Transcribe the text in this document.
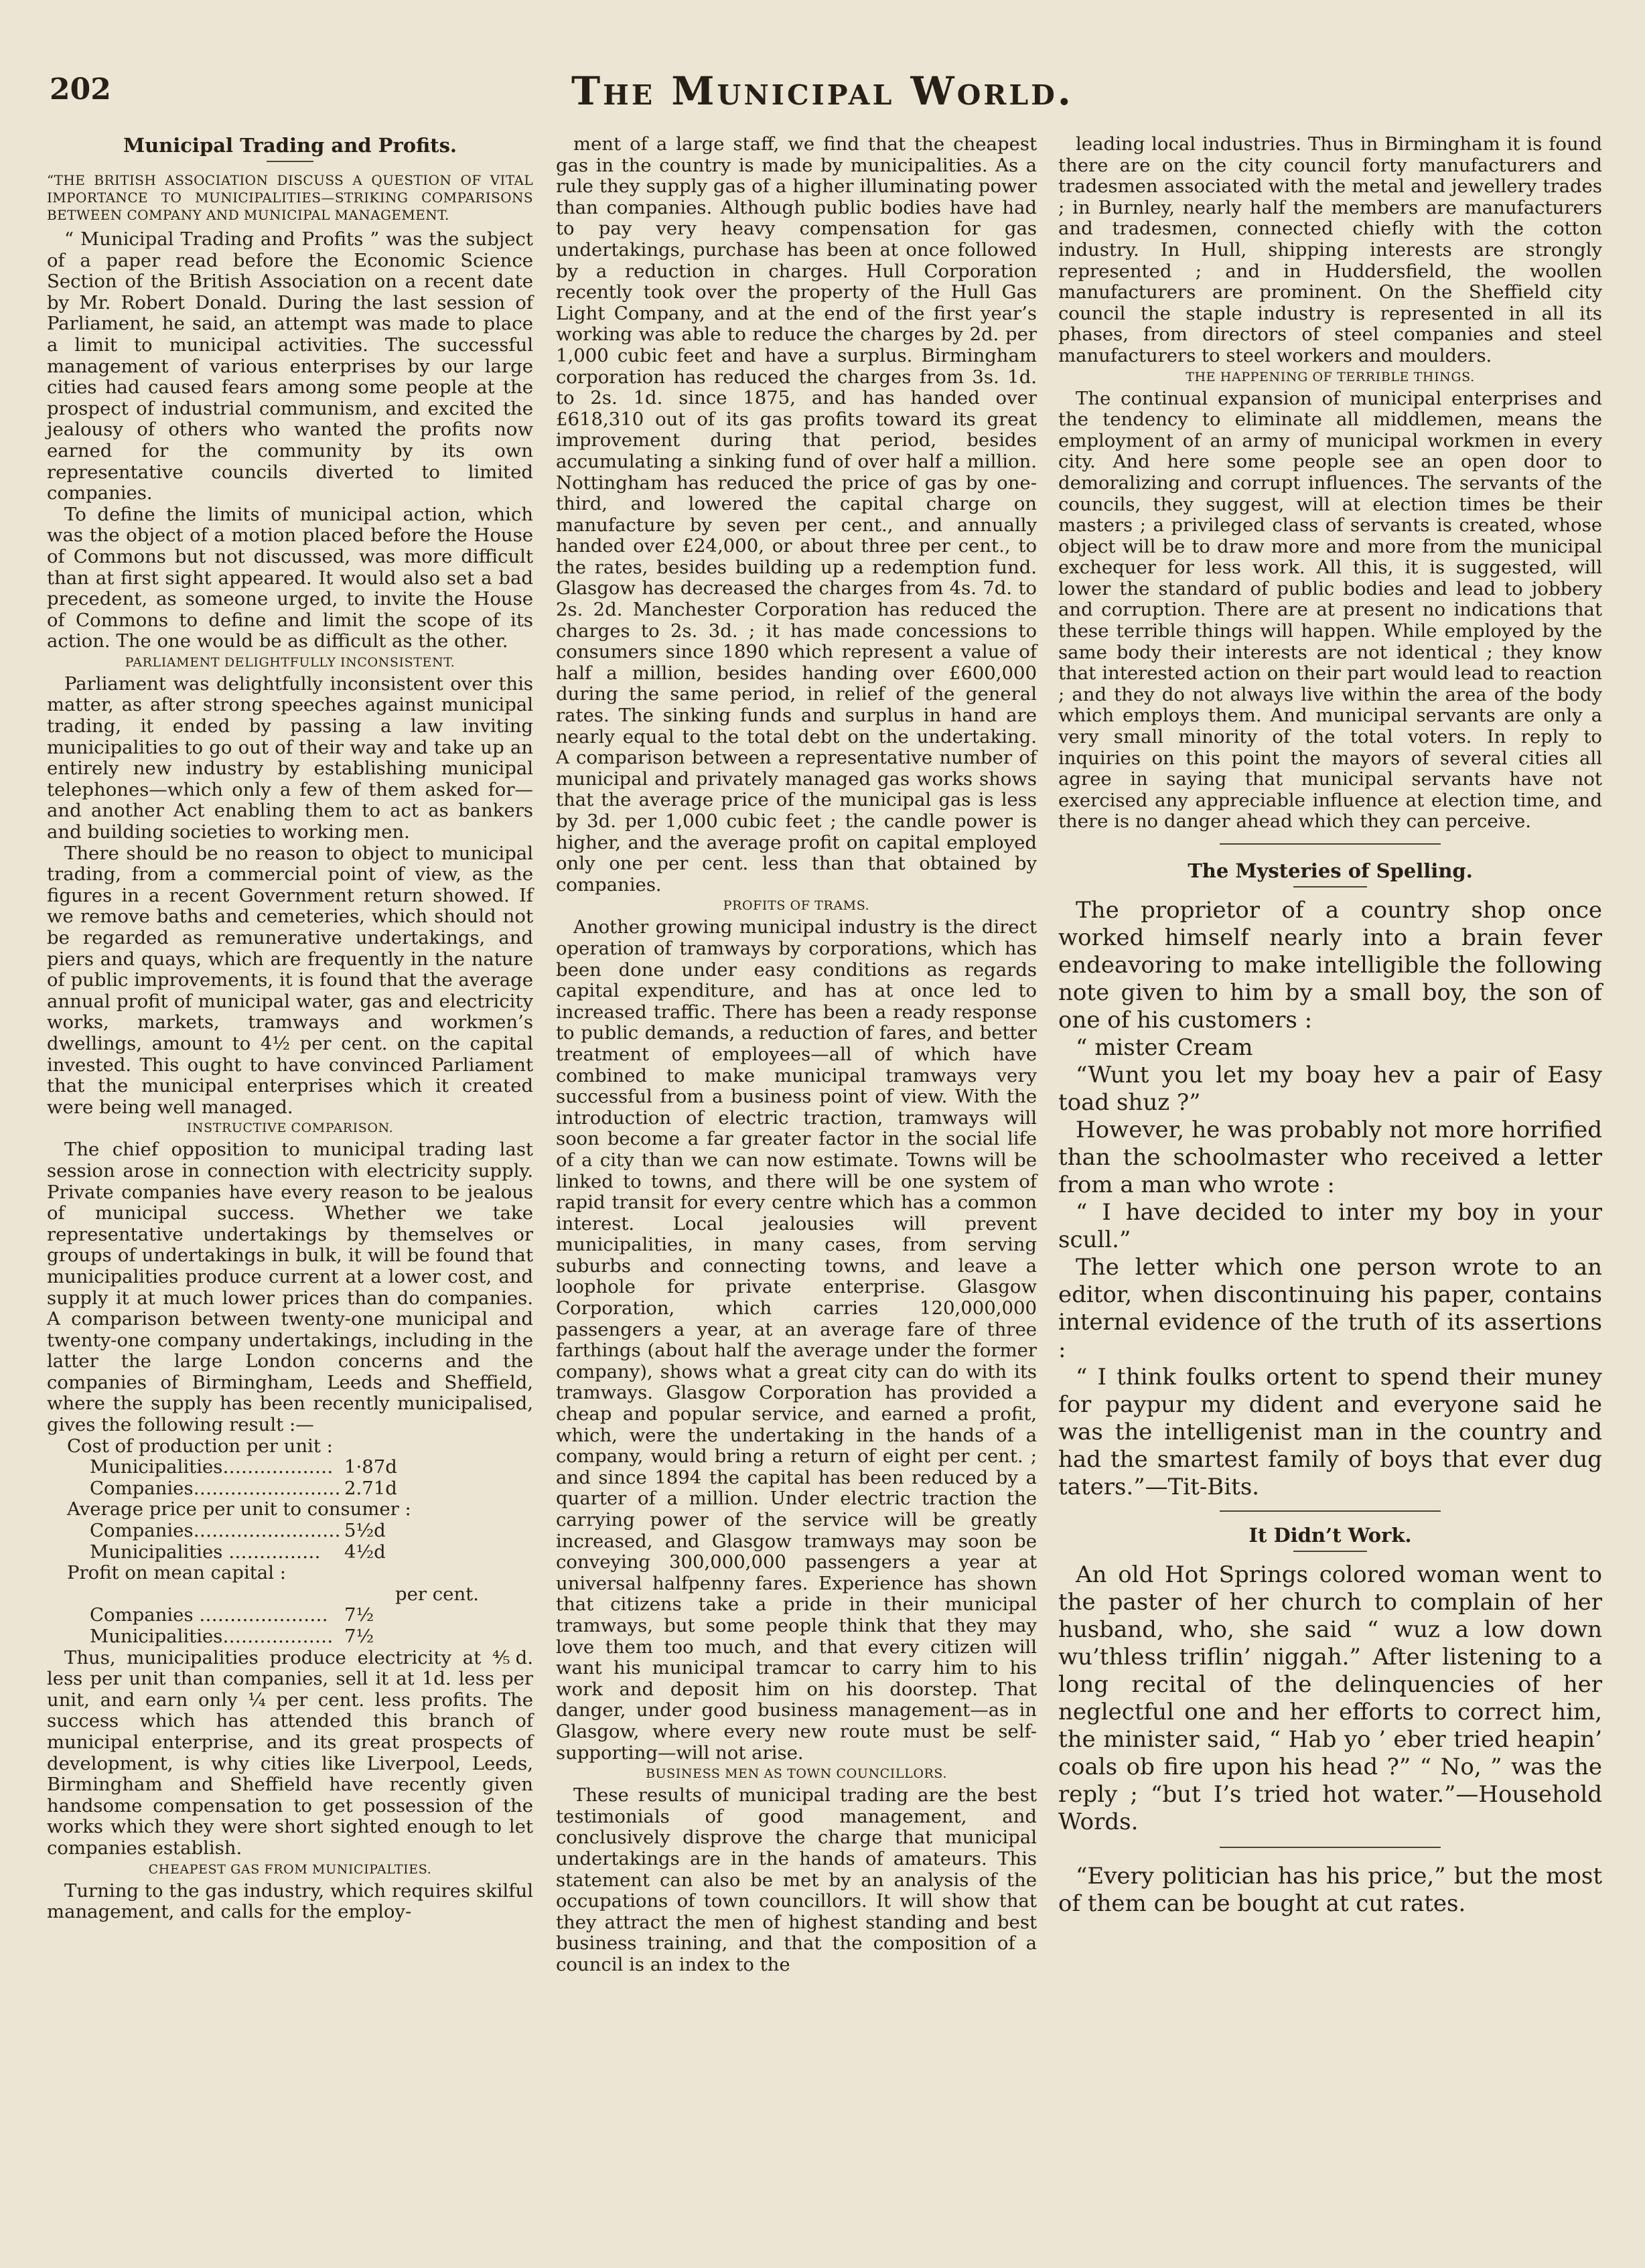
202	The Municipal World.
Municipal Trading and Profits.
“THE BRITISH ASSOCIATION DISCUSS A QUESTION OF VITAL IMPORTANCE TO MUNICIPALITIES—STRIKING COMPARISONS BETWEEN COMPANY AND MUNICIPAL MANAGEMENT.

“ Municipal Trading and Profits ” was the subject of a paper read before the Economic Science Section of the British Association on a recent date by Mr. Robert Donald. During the last session of Parliament, he said, an attempt was made to place a limit to municipal activities. The successful management of various enterprises by our large cities had caused fears among some people at the prospect of industrial communism, and excited the jealousy of others who wanted the profits now earned for the community by its own representative councils diverted to limited companies.

To define the limits of municipal action, which was the object of a motion placed before the House of Commons but not discussed, was more difficult than at first sight appeared. It would also set a bad precedent, as someone urged, to invite the House of Commons to define and limit the scope of its action. The one would be as difficult as the other.

PARLIAMENT DELIGHTFULLY INCONSISTENT.

Parliament was delightfully inconsistent over this matter, as after strong speeches against municipal trading, it ended by passing a law inviting municipalities to go out of their way and take up an entirely new industry by establishing municipal telephones—which only a few of them asked for—and another Act enabling them to act as bankers and building societies to working men.

There should be no reason to object to municipal trading, from a commercial point of view, as the figures in a recent Government return showed. If we remove baths and cemeteries, which should not be regarded as remunerative undertakings, and piers and quays, which are frequently in the nature of public improvements, it is found that the average annual profit of municipal water, gas and electricity works, markets, tramways and workmen’s dwellings, amount to 4½ per cent. on the capital invested. This ought to have convinced Parliament that the municipal enterprises which it created were being well managed.

INSTRUCTIVE COMPARISON.

The chief opposition to municipal trading last session arose in connection with electricity supply. Private companies have every reason to be jealous of municipal success. Whether we take representative undertakings by themselves or groups of undertakings in bulk, it will be found that municipalities produce current at a lower cost, and supply it at much lower prices than do companies. A comparison between twenty-one municipal and twenty-one company undertakings, including in the latter the large London concerns and the companies of Birmingham, Leeds and Sheffield, where the supply has been recently municipalised, gives the following result :—

Cost of production per unit :
Municipalities……………… 1·87d
Companies…………………… 2.71d
Average price per unit to consumer :
Companies…………………… 5½d
Municipalities ……………	4½d
Profit on mean capital :
per cent.
Companies ………………… 7½
Municipalities……………… 7½

Thus, municipalities produce electricity at ⅘d. less per unit than companies, sell it at 1d. less per unit, and earn only ¼ per cent. less profits. The success which has attended this branch of municipal enterprise, and its great prospects of development, is why cities like Liverpool, Leeds, Birmingham and Sheffield have recently given handsome compensation to get possession of the works which they were short sighted enough to let companies establish.

CHEAPEST GAS FROM MUNICIPALTIES.

Turning to the gas industry, which requires skilful management, and calls for the employ-

ment of a large staff, we find that the cheapest gas in the country is made by municipalities. As a rule they supply gas of a higher illuminating power than companies. Although public bodies have had to pay very heavy compensation for gas undertakings, purchase has been at once followed by a reduction in charges. Hull Corporation recently took over the property of the Hull Gas Light Company, and at the end of the first year’s working was able to reduce the charges by 2d. per 1,000 cubic feet and have a surplus. Birmingham corporation has reduced the charges from 3s. 1d. to 2s. 1d. since 1875, and has handed over £618,310 out of its gas profits toward its great improvement during that period, besides accumulating a sinking fund of over half a million. Nottingham has reduced the price of gas by one-third, and lowered the capital charge on manufacture by seven per cent., and annually handed over £24,000, or about three per cent., to the rates, besides building up a redemption fund. Glasgow has decreased the charges from 4s. 7d. to 2s. 2d. Manchester Corporation has reduced the charges to 2s. 3d. ; it has made concessions to consumers since 1890 which represent a value of half a million, besides handing over £600,000 during the same period, in relief of the general rates. The sinking funds and surplus in hand are nearly equal to the total debt on the undertaking. A comparison between a representative number of municipal and privately managed gas works shows that the average price of the municipal gas is less by 3d. per 1,000 cubic feet ; the candle power is higher, and the average profit on capital employed only one per cent. less than that obtained by companies.

PROFITS OF TRAMS.

Another growing municipal industry is the direct operation of tramways by corporations, which has been done under easy conditions as regards capital expenditure, and has at once led to increased traffic. There has been a ready response to public demands, a reduction of fares, and better treatment of employees—all of which have combined to make municipal tramways very successful from a business point of view. With the introduction of electric traction, tramways will soon become a far greater factor in the social life of a city than we can now estimate. Towns will be linked to towns, and there will be one system of rapid transit for every centre which has a common interest. Local jealousies will prevent municipalities, in many cases, from serving suburbs and connecting towns, and leave a loophole for private enterprise. Glasgow Corporation, which carries 120,000,000 passengers a year, at an average fare of three farthings (about half the average under the former company), shows what a great city can do with its tramways. Glasgow Corporation has provided a cheap and popular service, and earned a profit, which, were the undertaking in the hands of a company, would bring a return of eight per cent. ; and since 1894 the capital has been reduced by a quarter of a million. Under electric traction the carrying power of the service will be greatly increased, and Glasgow tramways may soon be conveying 300,000,000 passengers a year at universal halfpenny fares. Experience has shown that citizens take a pride in their municipal tramways, but some people think that they may love them too much, and that every citizen will want his municipal tramcar to carry him to his work and deposit him on his doorstep. That danger, under good business management—as in Glasgow, where every new route must be self-supporting—will not arise.

BUSINESS MEN AS TOWN COUNCILLORS.

These results of municipal trading are the best testimonials of good management, and conclusively disprove the charge that municipal undertakings are in the hands of amateurs. This statement can also be met by an analysis of the occupations of town councillors. It will show that they attract the men of highest standing and best business training, and that the composition of a council is an index to the

leading local industries. Thus in Birmingham it is found there are on the city council forty manufacturers and tradesmen associated with the metal and jewellery trades ; in Burnley, nearly half the members are manufacturers and tradesmen, connected chiefly with the cotton industry. In Hull, shipping interests are strongly represented ; and in Huddersfield, the woollen manufacturers are prominent. On the Sheffield city council the staple industry is represented in all its phases, from directors of steel companies and steel manufacturers to steel workers and moulders.

THE HAPPENING OF TERRIBLE THINGS.

The continual expansion of municipal enterprises and the tendency to eliminate all middlemen, means the employment of an army of municipal workmen in every city. And here some people see an open door to demoralizing and corrupt influences. The servants of the councils, they suggest, will at election times be their masters ; a privileged class of servants is created, whose object will be to draw more and more from the municipal exchequer for less work. All this, it is suggested, will lower the standard of public bodies and lead to jobbery and corruption. There are at present no indications that these terrible things will happen. While employed by the same body their interests are not identical ; they know that interested action on their part would lead to reaction ; and they do not always live within the area of the body which employs them. And municipal servants are only a very small minority of the total voters. In reply to inquiries on this point the mayors of several cities all agree in saying that municipal servants have not exercised any appreciable influence at election time, and there is no danger ahead which they can perceive.

The Mysteries of Spelling.

The proprietor of a country shop once worked himself nearly into a brain fever endeavoring to make intelligible the following note given to him by a small boy, the son of one of his customers :

“ mister Cream

“Wunt you let my boay hev a pair of Easy toad shuz ?”

However, he was probably not more horrified than the schoolmaster who received a letter from a man who wrote :

“ I have decided to inter my boy in your scull.”

The letter which one person wrote to an editor, when discontinuing his paper, contains internal evidence of the truth of its assertions :

“ I think foulks ortent to spend their muney for paypur my dident and everyone said he was the intelligenist man in the country and had the smartest family of boys that ever dug taters.”—Tit-Bits.

It Didn’t Work.

An old Hot Springs colored woman went to the paster of her church to complain of her husband, who, she said “ wuz a low down wu’thless triflin’ niggah.” After listening to a long recital of the delinquencies of her neglectful one and her efforts to correct him, the minister said, “ Hab yo ’ eber tried heapin’ coals ob fire upon his head ?” “ No, ” was the reply ; “but I’s tried hot water.”—Household Words.

“Every politician has his price,” but the most of them can be bought at cut rates.
